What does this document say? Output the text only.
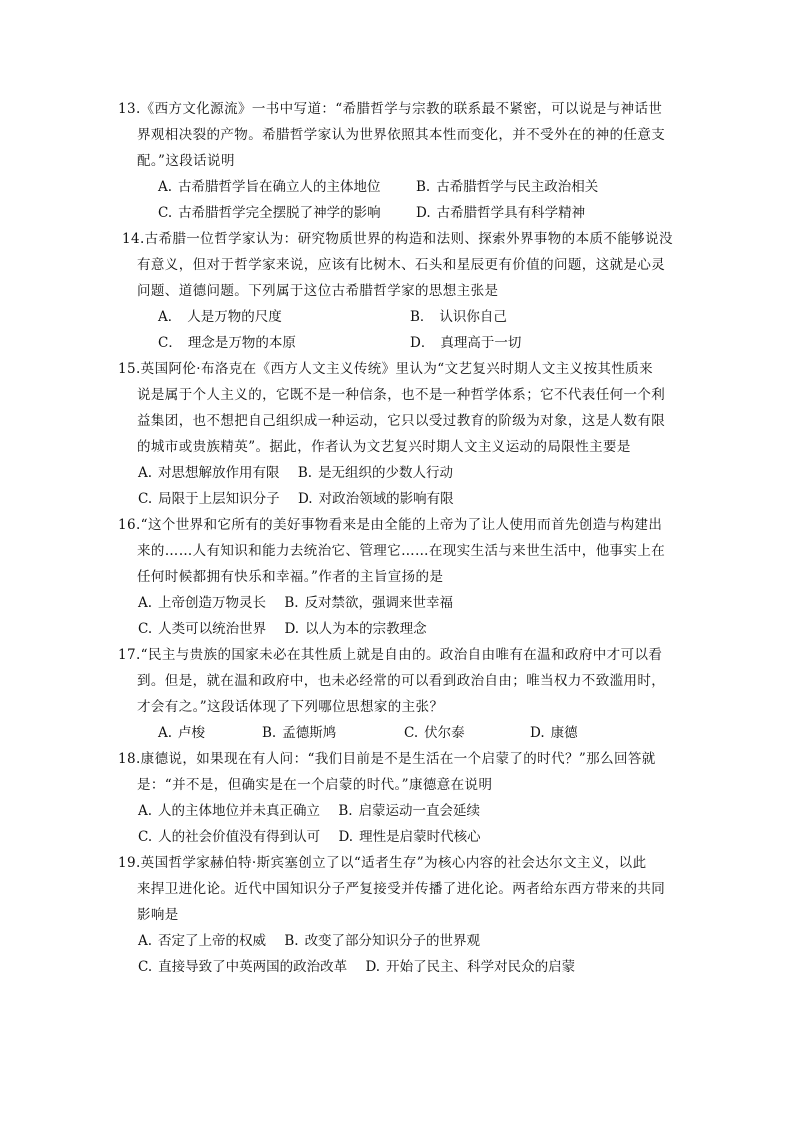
13.《西方文化源流》一书中写道：“希腊哲学与宗教的联系最不紧密，可以说是与神话世

界观相决裂的产物。希腊哲学家认为世界依照其本性而变化，并不受外在的神的任意支

配。”这段话说明

A. 古希腊哲学旨在确立人的主体地位	B. 古希腊哲学与民主政治相关
C. 古希腊哲学完全摆脱了神学的影响	D. 古希腊哲学具有科学精神

14.古希腊一位哲学家认为：研究物质世界的构造和法则、探索外界事物的本质不能够说没

有意义，但对于哲学家来说，应该有比树木、石头和星辰更有价值的问题，这就是心灵

问题、道德问题。下列属于这位古希腊哲学家的思想主张是

A． 人是万物的尺度	B． 认识你自己
C． 理念是万物的本原	D． 真理高于一切

15.英国阿伦·布洛克在《西方人文主义传统》里认为“文艺复兴时期人文主义按其性质来

说是属于个人主义的，它既不是一种信条，也不是一种哲学体系；它不代表任何一个利

益集团，也不想把自己组织成一种运动，它只以受过教育的阶级为对象，这是人数有限

的城市或贵族精英”。据此，作者认为文艺复兴时期人文主义运动的局限性主要是

A. 对思想解放作用有限 B. 是无组织的少数人行动
C. 局限于上层知识分子 D. 对政治领域的影响有限

16.“这个世界和它所有的美好事物看来是由全能的上帝为了让人使用而首先创造与构建出

来的……人有知识和能力去统治它、管理它……在现实生活与来世生活中，他事实上在

任何时候都拥有快乐和幸福。”作者的主旨宣扬的是

A. 上帝创造万物灵长 B. 反对禁欲，强调来世幸福
C. 人类可以统治世界 D. 以人为本的宗教理念

17.“民主与贵族的国家未必在其性质上就是自由的。政治自由唯有在温和政府中才可以看

到。但是，就在温和政府中，也未必经常的可以看到政治自由；唯当权力不致滥用时，

才会有之。”这段话体现了下列哪位思想家的主张？

A. 卢梭	B. 孟德斯鸠	C. 伏尔泰	D. 康德

18.康德说，如果现在有人问：“我们目前是不是生活在一个启蒙了的时代？”那么回答就

是：“并不是，但确实是在一个启蒙的时代。”康德意在说明

A. 人的主体地位并未真正确立 B. 启蒙运动一直会延续
C. 人的社会价值没有得到认可 D. 理性是启蒙时代核心

19.英国哲学家赫伯特·斯宾塞创立了以“适者生存”为核心内容的社会达尔文主义，以此

来捍卫进化论。近代中国知识分子严复接受并传播了进化论。两者给东西方带来的共同

影响是

A. 否定了上帝的权威 B. 改变了部分知识分子的世界观
C. 直接导致了中英两国的政治改革 D. 开始了民主、科学对民众的启蒙
